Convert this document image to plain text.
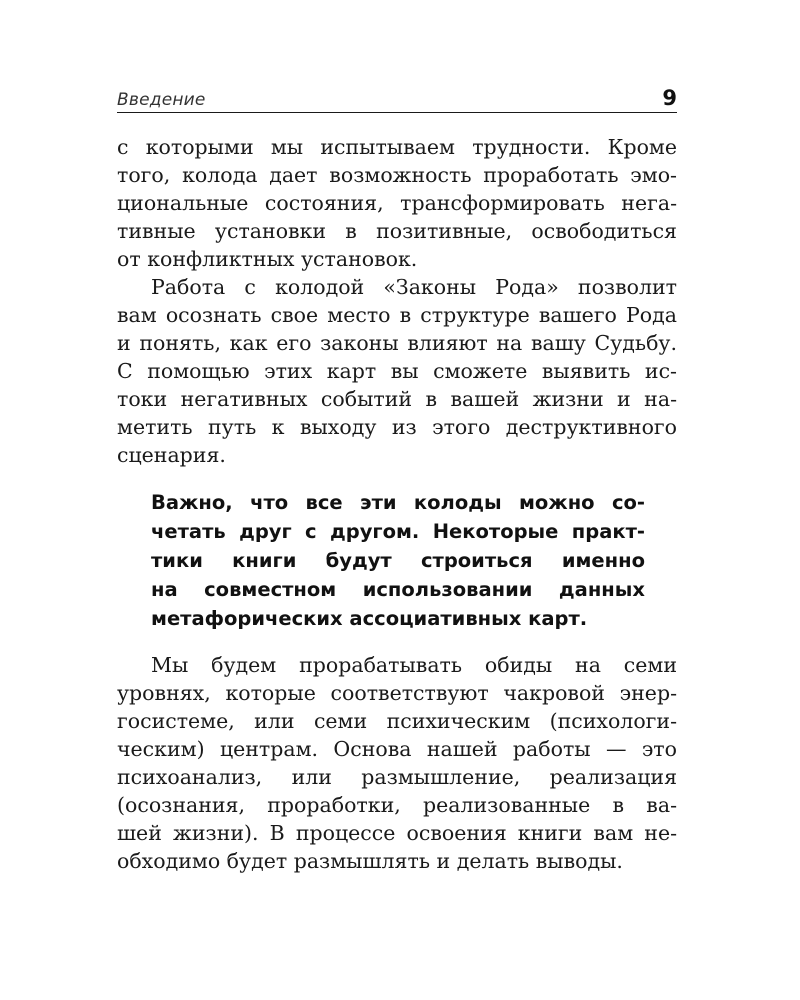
Введение	9

с которыми мы испытываем трудности. Кроме
того, колода дает возможность проработать эмо-
циональные состояния, трансформировать нега-
тивные установки в позитивные, освободиться
от конфликтных установок.

Работа с колодой «Законы Рода» позволит
вам осознать свое место в структуре вашего Рода
и понять, как его законы влияют на вашу Судьбу.
С помощью этих карт вы сможете выявить ис-
токи негативных событий в вашей жизни и на-
метить путь к выходу из этого деструктивного
сценария.

Важно, что все эти колоды можно со-
четать друг с другом. Некоторые практ-
тики книги будут строиться именно
на совместном использовании данных
метафорических ассоциативных карт.

Мы будем прорабатывать обиды на семи
уровнях, которые соответствуют чакровой энер-
госистеме, или семи психическим (психологи-
ческим) центрам. Основа нашей работы — это
психоанализ, или размышление, реализация
(осознания, проработки, реализованные в ва-
шей жизни). В процессе освоения книги вам не-
обходимо будет размышлять и делать выводы.
